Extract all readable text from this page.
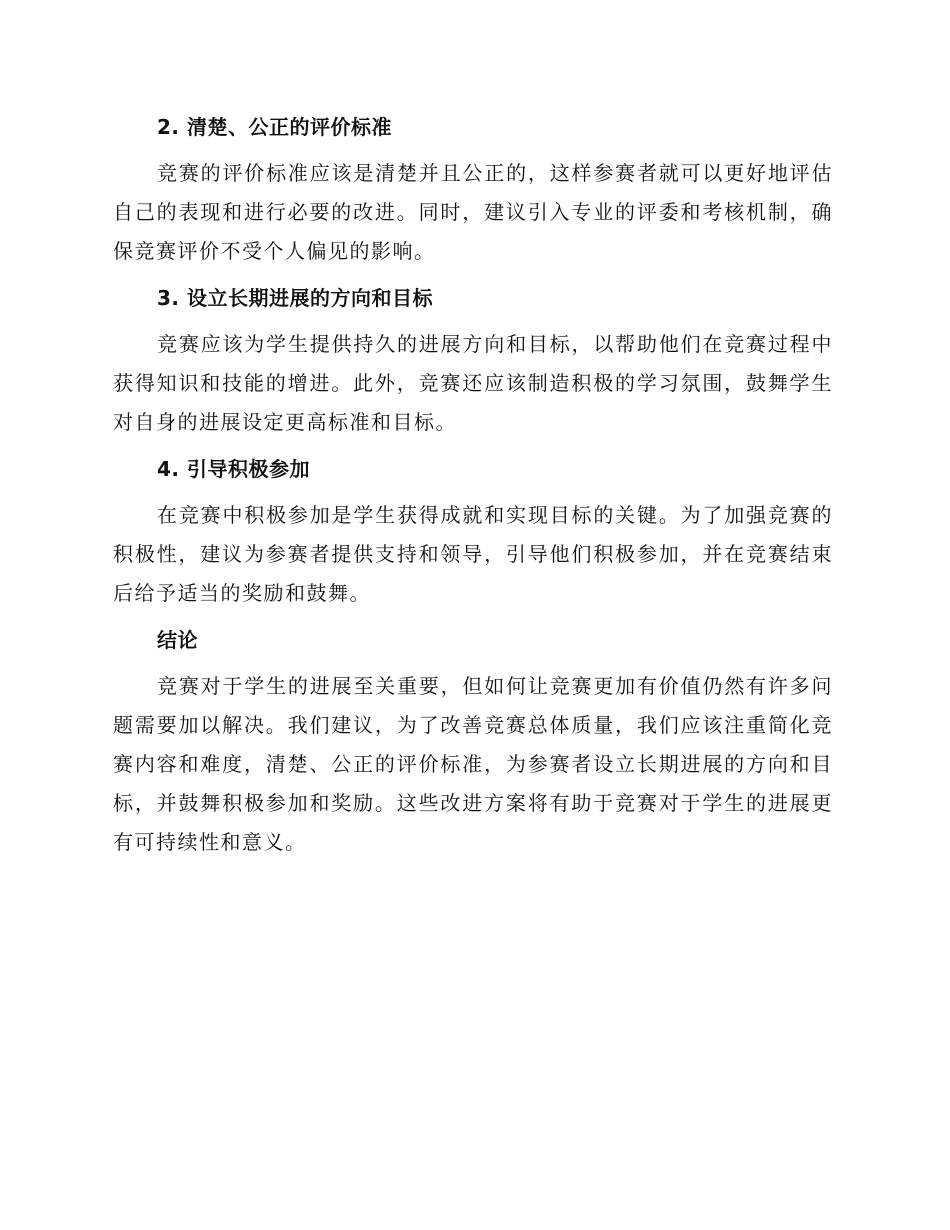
2. 清楚、公正的评价标准

竞赛的评价标准应该是清楚并且公正的，这样参赛者就可以更好地评估自己的表现和进行必要的改进。同时，建议引入专业的评委和考核机制，确保竞赛评价不受个人偏见的影响。

3. 设立长期进展的方向和目标

竞赛应该为学生提供持久的进展方向和目标，以帮助他们在竞赛过程中获得知识和技能的增进。此外，竞赛还应该制造积极的学习氛围，鼓舞学生对自身的进展设定更高标准和目标。

4. 引导积极参加

在竞赛中积极参加是学生获得成就和实现目标的关键。为了加强竞赛的积极性，建议为参赛者提供支持和领导，引导他们积极参加，并在竞赛结束后给予适当的奖励和鼓舞。

结论

竞赛对于学生的进展至关重要，但如何让竞赛更加有价值仍然有许多问题需要加以解决。我们建议，为了改善竞赛总体质量，我们应该注重简化竞赛内容和难度，清楚、公正的评价标准，为参赛者设立长期进展的方向和目标，并鼓舞积极参加和奖励。这些改进方案将有助于竞赛对于学生的进展更有可持续性和意义。
